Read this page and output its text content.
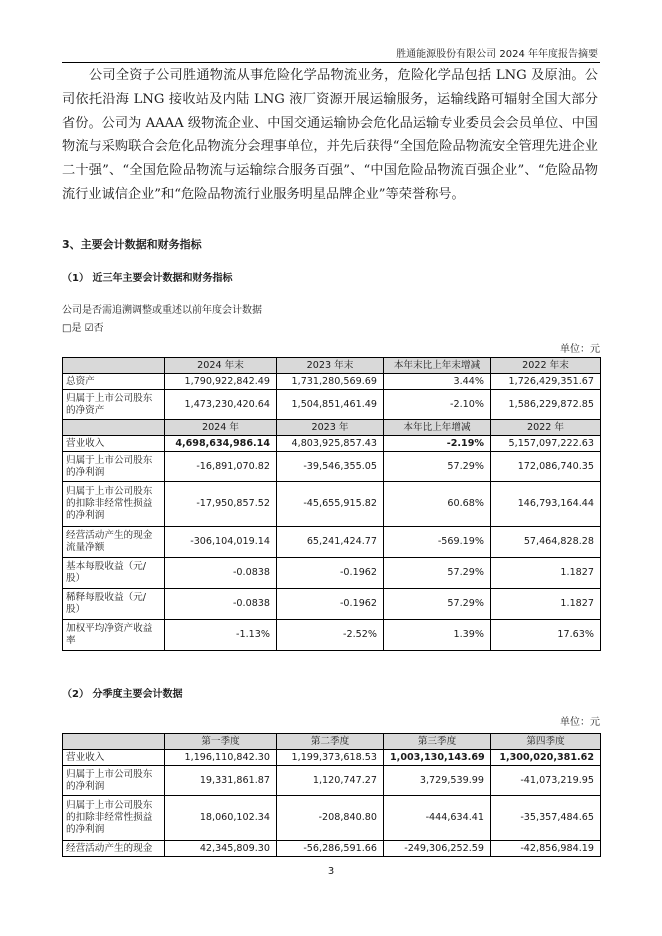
胜通能源股份有限公司 2024 年年度报告摘要
公司全资子公司胜通物流从事危险化学品物流业务，危险化学品包括 LNG 及原油。公司依托沿海 LNG 接收站及内陆 LNG 液厂资源开展运输服务，运输线路可辐射全国大部分省份。公司为 AAAA 级物流企业、中国交通运输协会危化品运输专业委员会会员单位、中国物流与采购联合会危化品物流分会理事单位，并先后获得“全国危险品物流安全管理先进企业二十强”、“全国危险品物流与运输综合服务百强”、“中国危险品物流百强企业”、“危险品物流行业诚信企业”和“危险品物流行业服务明星品牌企业”等荣誉称号。
3、主要会计数据和财务指标
（1） 近三年主要会计数据和财务指标
公司是否需追溯调整或重述以前年度会计数据
□是 ☑否
单位：元
	2024 年末	2023 年末	本年末比上年末增减	2022 年末
总资产	1,790,922,842.49	1,731,280,569.69	3.44%	1,726,429,351.67
归属于上市公司股东的净资产	1,473,230,420.64	1,504,851,461.49	-2.10%	1,586,229,872.85
	2024 年	2023 年	本年比上年增减	2022 年
营业收入	4,698,634,986.14	4,803,925,857.43	-2.19%	5,157,097,222.63
归属于上市公司股东的净利润	-16,891,070.82	-39,546,355.05	57.29%	172,086,740.35
归属于上市公司股东的扣除非经常性损益的净利润	-17,950,857.52	-45,655,915.82	60.68%	146,793,164.44
经营活动产生的现金流量净额	-306,104,019.14	65,241,424.77	-569.19%	57,464,828.28
基本每股收益（元/股）	-0.0838	-0.1962	57.29%	1.1827
稀释每股收益（元/股）	-0.0838	-0.1962	57.29%	1.1827
加权平均净资产收益率	-1.13%	-2.52%	1.39%	17.63%
（2） 分季度主要会计数据
单位：元
	第一季度	第二季度	第三季度	第四季度
营业收入	1,196,110,842.30	1,199,373,618.53	1,003,130,143.69	1,300,020,381.62
归属于上市公司股东的净利润	19,331,861.87	1,120,747.27	3,729,539.99	-41,073,219.95
归属于上市公司股东的扣除非经常性损益的净利润	18,060,102.34	-208,840.80	-444,634.41	-35,357,484.65
经营活动产生的现金	42,345,809.30	-56,286,591.66	-249,306,252.59	-42,856,984.19
3
